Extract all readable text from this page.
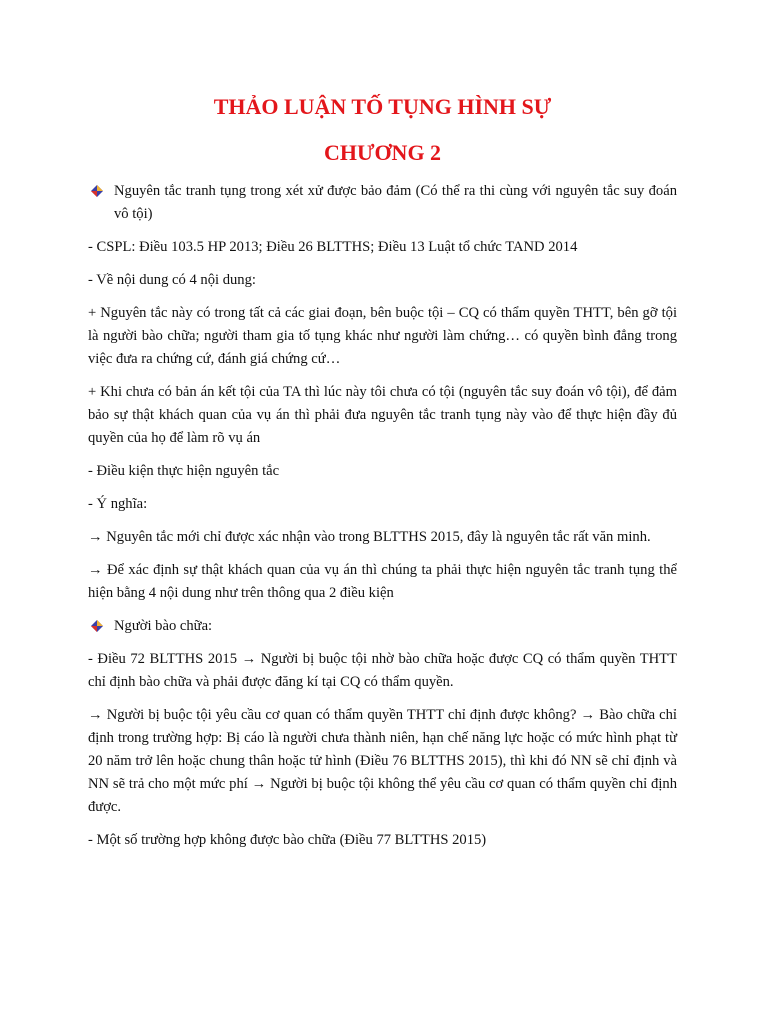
THẢO LUẬN TỐ TỤNG HÌNH SỰ
CHƯƠNG 2
Nguyên tắc tranh tụng trong xét xử được bảo đảm (Có thể ra thi cùng với nguyên tắc suy đoán vô tội)

- CSPL: Điều 103.5 HP 2013; Điều 26 BLTTHS; Điều 13 Luật tổ chức TAND 2014

- Về nội dung có 4 nội dung:

+ Nguyên tắc này có trong tất cả các giai đoạn, bên buộc tội – CQ có thẩm quyền THTT, bên gỡ tội là người bào chữa; người tham gia tố tụng khác như người làm chứng… có quyền bình đẳng trong việc đưa ra chứng cứ, đánh giá chứng cứ…

+ Khi chưa có bản án kết tội của TA thì lúc này tôi chưa có tội (nguyên tắc suy đoán vô tội), để đảm bảo sự thật khách quan của vụ án thì phải đưa nguyên tắc tranh tụng này vào để thực hiện đầy đủ quyền của họ để làm rõ vụ án

- Điều kiện thực hiện nguyên tắc

- Ý nghĩa:

→ Nguyên tắc mới chỉ được xác nhận vào trong BLTTHS 2015, đây là nguyên tắc rất văn minh.

→ Để xác định sự thật khách quan của vụ án thì chúng ta phải thực hiện nguyên tắc tranh tụng thể hiện bằng 4 nội dung như trên thông qua 2 điều kiện

Người bào chữa:

- Điều 72 BLTTHS 2015 → Người bị buộc tội nhờ bào chữa hoặc được CQ có thẩm quyền THTT chỉ định bào chữa và phải được đăng kí tại CQ có thẩm quyền.

→ Người bị buộc tội yêu cầu cơ quan có thẩm quyền THTT chỉ định được không? → Bào chữa chỉ định trong trường hợp: Bị cáo là người chưa thành niên, hạn chế năng lực hoặc có mức hình phạt từ 20 năm trở lên hoặc chung thân hoặc tử hình (Điều 76 BLTTHS 2015), thì khi đó NN sẽ chỉ định và NN sẽ trả cho một mức phí → Người bị buộc tội không thể yêu cầu cơ quan có thẩm quyền chỉ định được.

- Một số trường hợp không được bào chữa (Điều 77 BLTTHS 2015)
